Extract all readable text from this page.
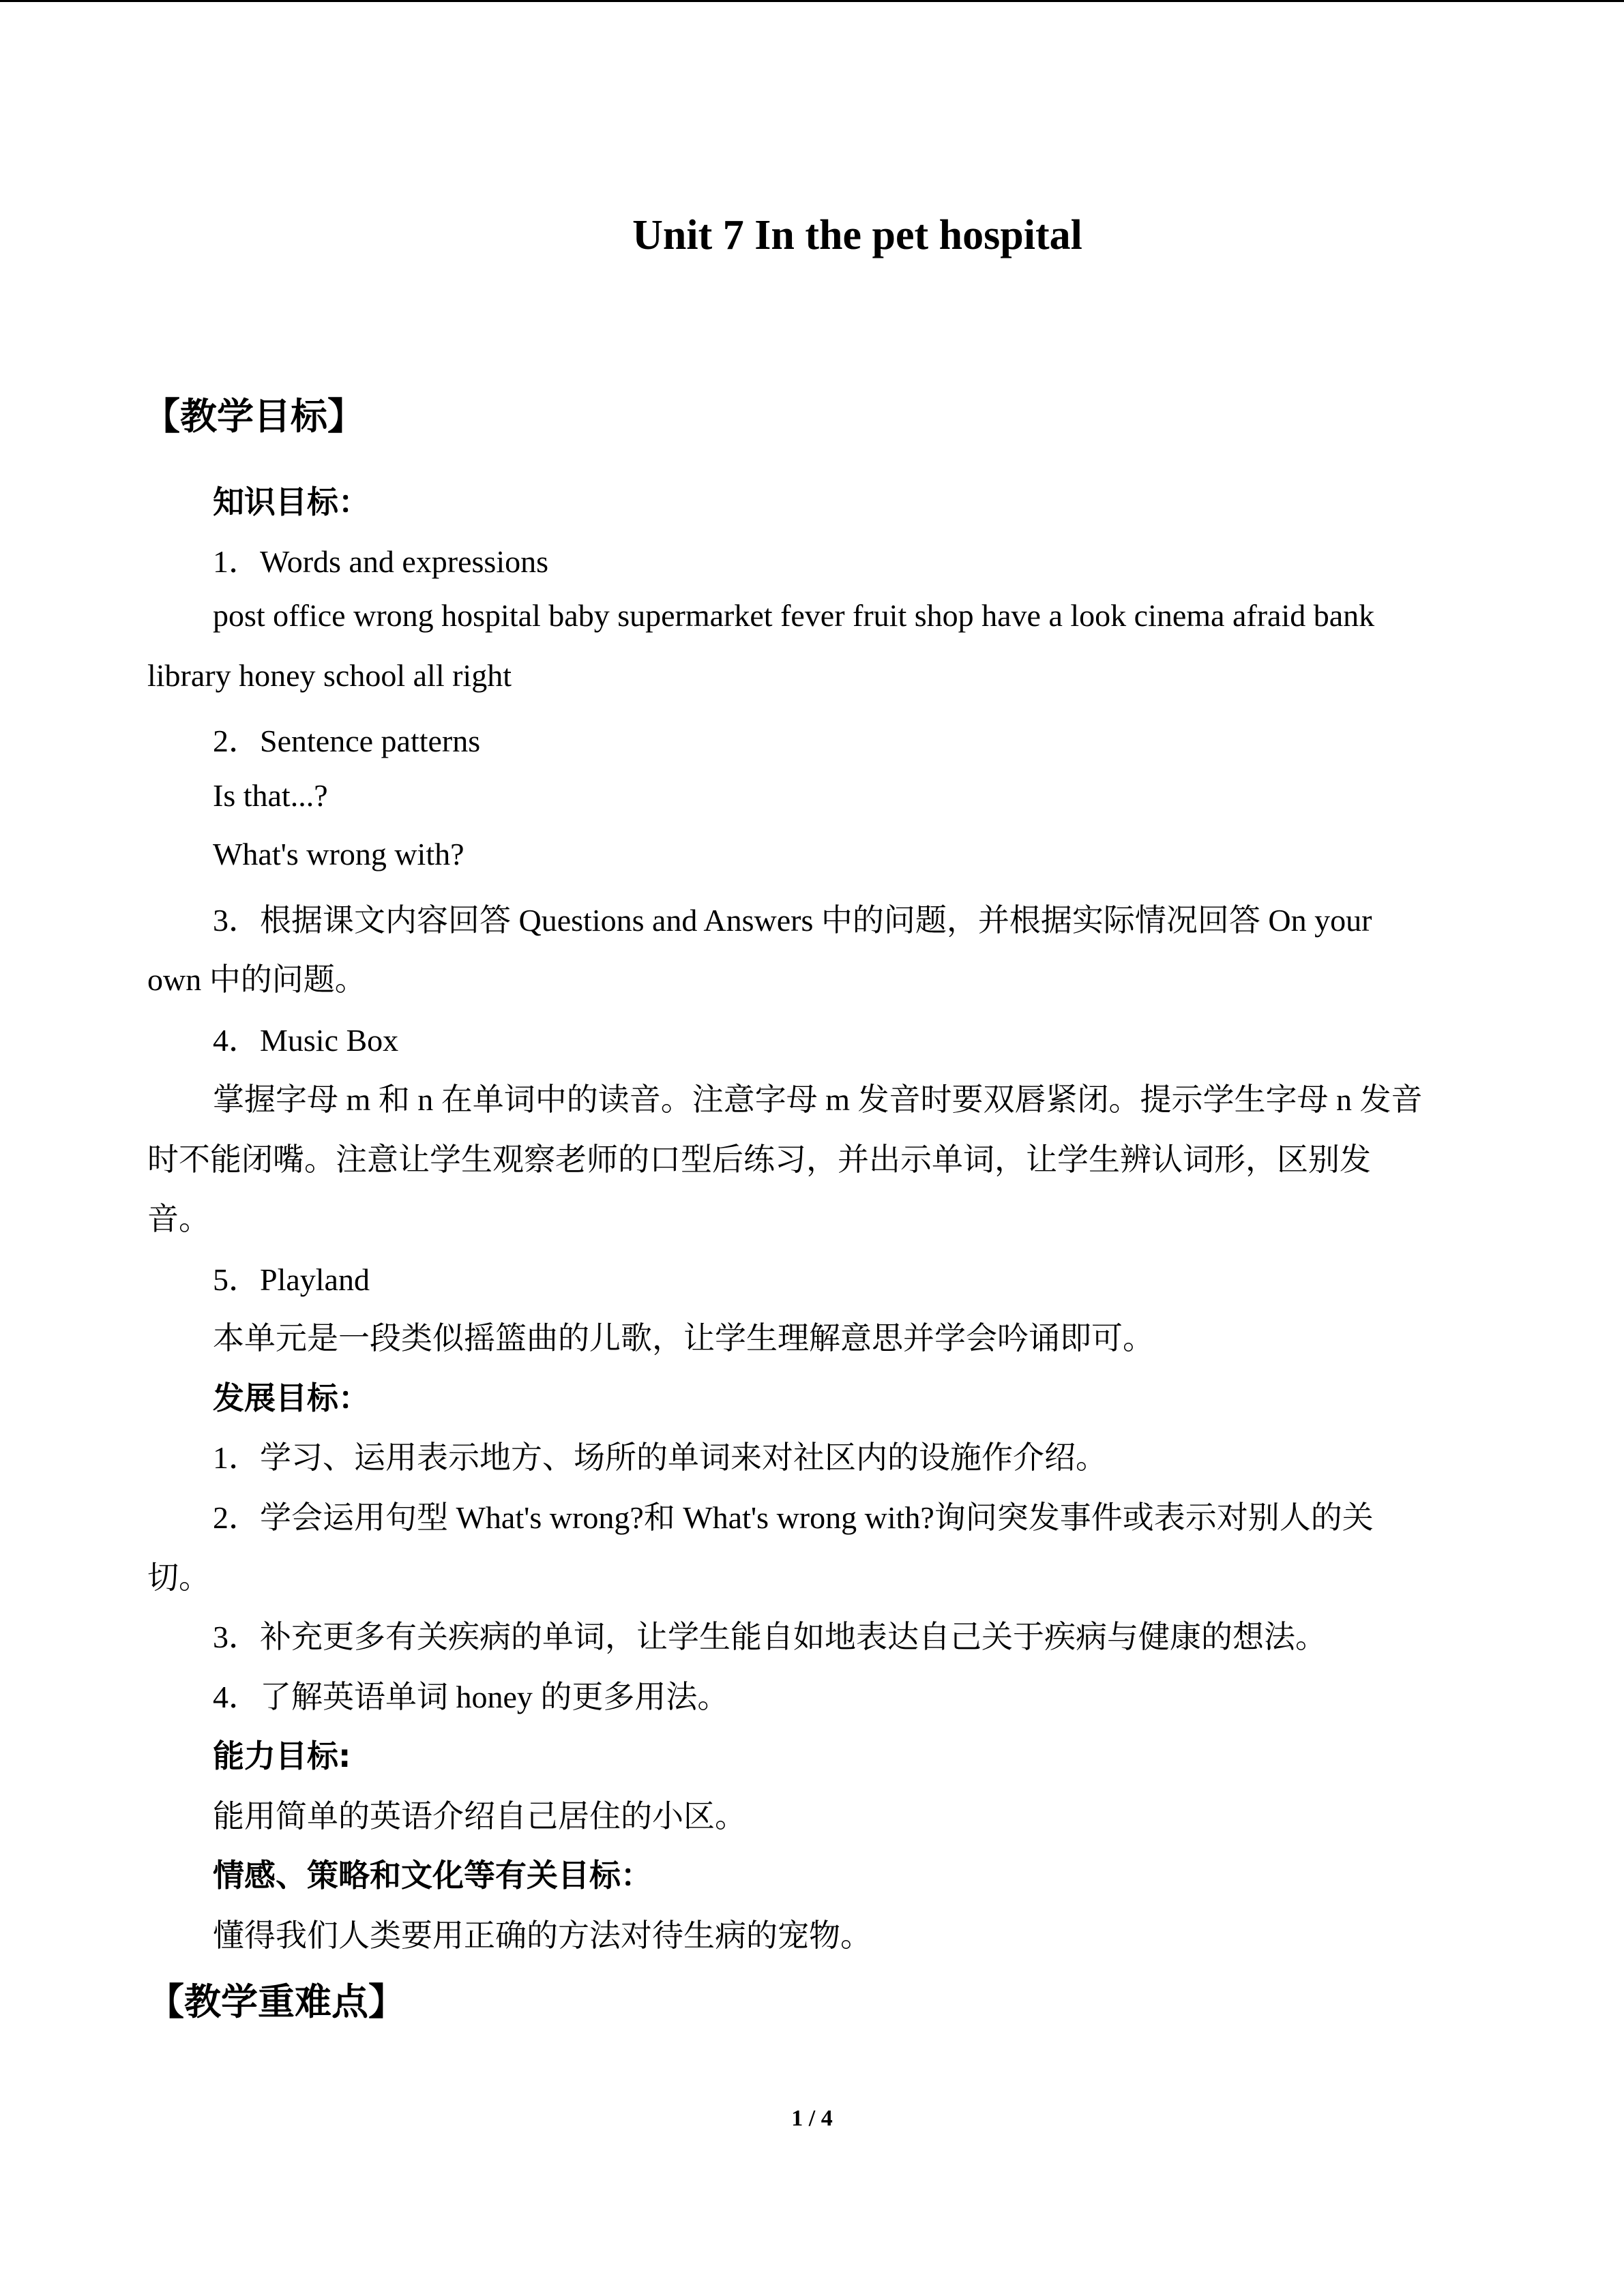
Unit 7 In the pet hospital
【教学目标】
知识目标：
1．Words and expressions
post office wrong hospital baby supermarket fever fruit shop have a look cinema afraid bank
library honey school all right
2．Sentence patterns
Is that...?
What's wrong with?
3．根据课文内容回答 Questions and Answers 中的问题，并根据实际情况回答 On your
own 中的问题。
4．Music Box
掌握字母 m 和 n 在单词中的读音。注意字母 m 发音时要双唇紧闭。提示学生字母 n 发音
时不能闭嘴。注意让学生观察老师的口型后练习，并出示单词，让学生辨认词形，区别发
音。
5．Playland
本单元是一段类似摇篮曲的儿歌，让学生理解意思并学会吟诵即可。
发展目标：
1．学习、运用表示地方、场所的单词来对社区内的设施作介绍。
2．学会运用句型 What's wrong?和 What's wrong with?询问突发事件或表示对别人的关
切。
3．补充更多有关疾病的单词，让学生能自如地表达自己关于疾病与健康的想法。
4．了解英语单词 honey 的更多用法。
能力目标:
能用简单的英语介绍自己居住的小区。
情感、策略和文化等有关目标：
懂得我们人类要用正确的方法对待生病的宠物。
【教学重难点】
1 / 4
